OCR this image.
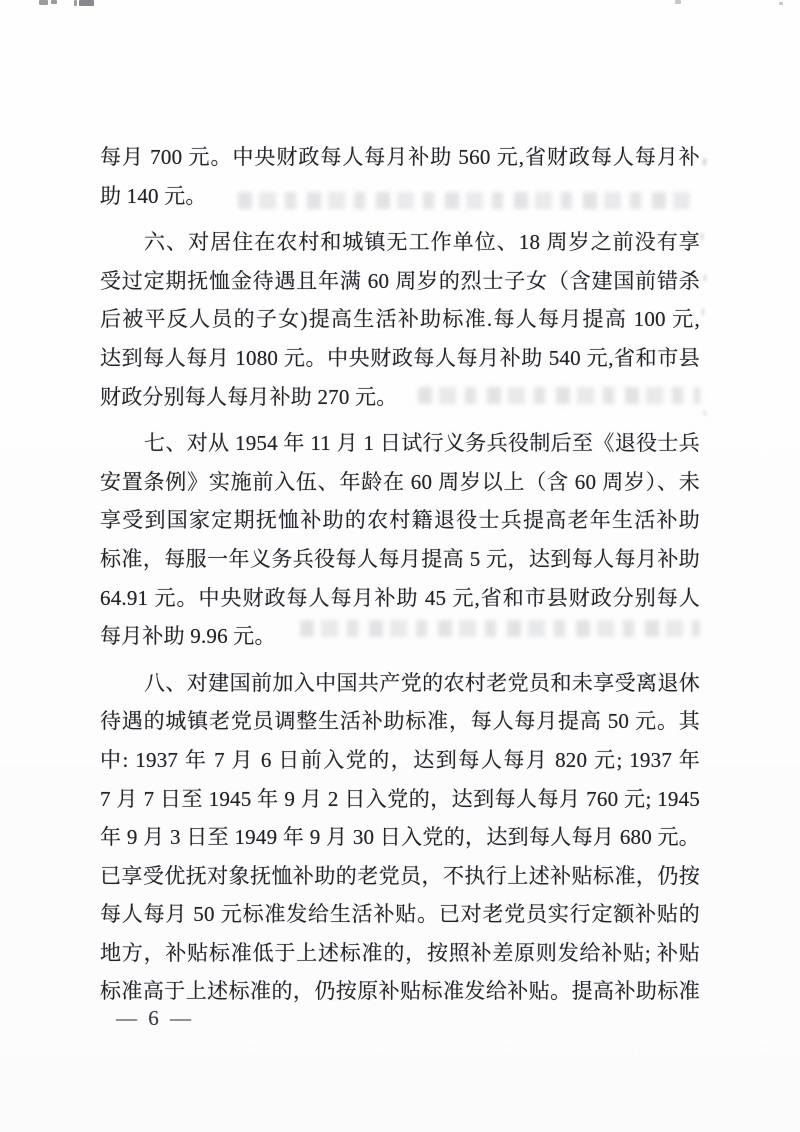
每月 700 元。中央财政每人每月补助 560 元,省财政每人每月补
助 140 元。
六、对居住在农村和城镇无工作单位、18 周岁之前没有享
受过定期抚恤金待遇且年满 60 周岁的烈士子女（含建国前错杀
后被平反人员的子女)提高生活补助标准.每人每月提高 100 元,
达到每人每月 1080 元。中央财政每人每月补助 540 元,省和市县
财政分别每人每月补助 270 元。
七、对从 1954 年 11 月 1 日试行义务兵役制后至《退役士兵
安置条例》实施前入伍、年龄在 60 周岁以上（含 60 周岁）、未
享受到国家定期抚恤补助的农村籍退役士兵提高老年生活补助
标准，每服一年义务兵役每人每月提高 5 元，达到每人每月补助
64.91 元。中央财政每人每月补助 45 元,省和市县财政分别每人
每月补助 9.96 元。
八、对建国前加入中国共产党的农村老党员和未享受离退休
待遇的城镇老党员调整生活补助标准，每人每月提高 50 元。其
中: 1937 年 7 月 6 日前入党的，达到每人每月 820 元; 1937 年
7 月 7 日至 1945 年 9 月 2 日入党的，达到每人每月 760 元; 1945
年 9 月 3 日至 1949 年 9 月 30 日入党的，达到每人每月 680 元。
已享受优抚对象抚恤补助的老党员，不执行上述补贴标准，仍按
每人每月 50 元标准发给生活补贴。已对老党员实行定额补贴的
地方，补贴标准低于上述标准的，按照补差原则发给补贴; 补贴
标准高于上述标准的，仍按原补贴标准发给补贴。提高补助标准
— 6 —
